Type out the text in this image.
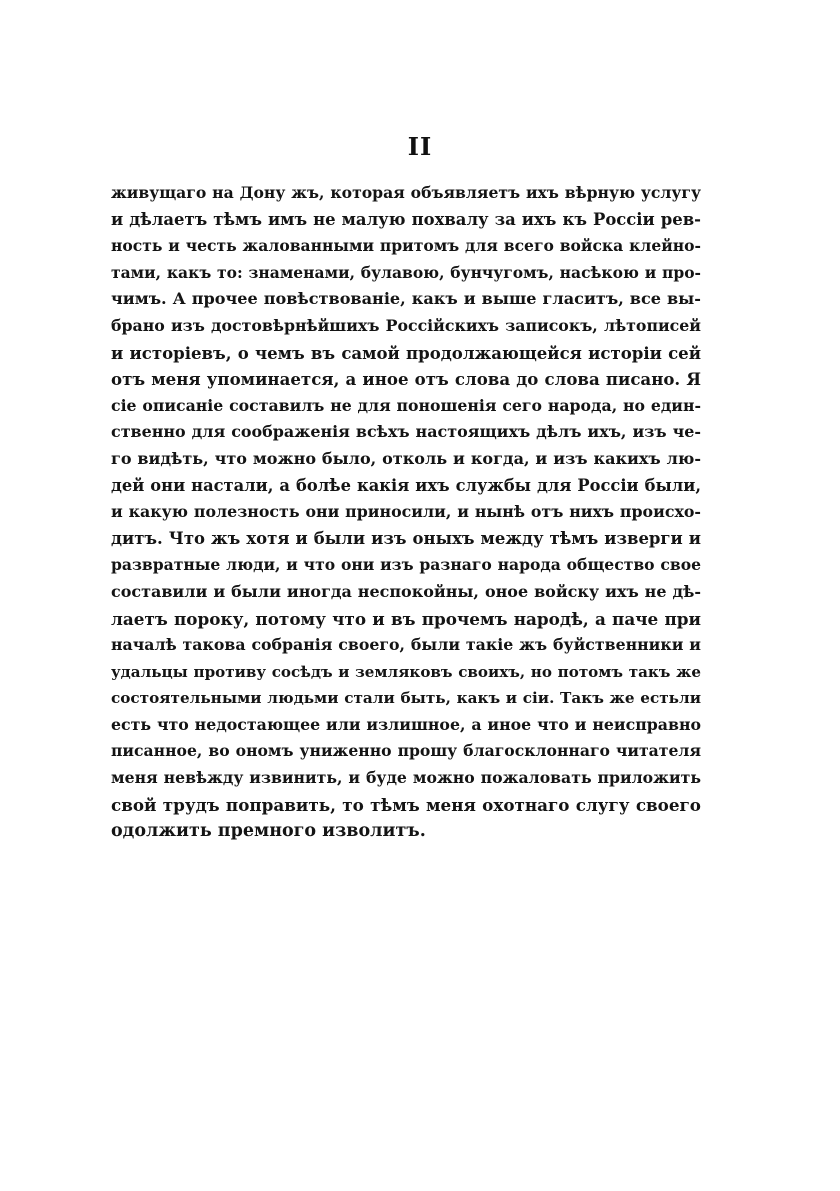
II
живущаго на Дону жъ, которая объявляетъ ихъ вѣрную услугу
и дѣлаетъ тѣмъ имъ не малую похвалу за ихъ къ Россіи рев-
ность и честь жалованными притомъ для всего войска клейно-
тами, какъ то: знаменами, булавою, бунчугомъ, насѣкою и про-
чимъ. А прочее повѣствованіе, какъ и выше гласитъ, все вы-
брано изъ достовѣрнѣйшихъ Россійскихъ записокъ, лѣтописей
и исторіевъ, о чемъ въ самой продолжающейся исторіи сей
отъ меня упоминается, а иное отъ слова до слова писано. Я
сіе описаніе составилъ не для поношенія сего народа, но един-
ственно для соображенія всѣхъ настоящихъ дѣлъ ихъ, изъ че-
го видѣть, что можно было, отколь и когда, и изъ какихъ лю-
дей они настали, а болѣе какія ихъ службы для Россіи были,
и какую полезность они приносили, и нынѣ отъ нихъ происхо-
дитъ. Что жъ хотя и были изъ оныхъ между тѣмъ изверги и
развратные люди, и что они изъ разнаго народа общество свое
составили и были иногда неспокойны, оное войску ихъ не дѣ-
лаетъ пороку, потому что и въ прочемъ народѣ, а паче при
началѣ такова собранія своего, были такіе жъ буйственники и
удальцы противу сосѣдъ и земляковъ своихъ, но потомъ такъ же
состоятельными людьми стали быть, какъ и сіи. Такъ же естьли
есть что недостающее или излишное, а иное что и неисправно
писанное, во ономъ униженно прошу благосклоннаго читателя
меня невѣжду извинить, и буде можно пожаловать приложить
свой трудъ поправить, то тѣмъ меня охотнаго слугу своего
одолжить премного изволитъ.
